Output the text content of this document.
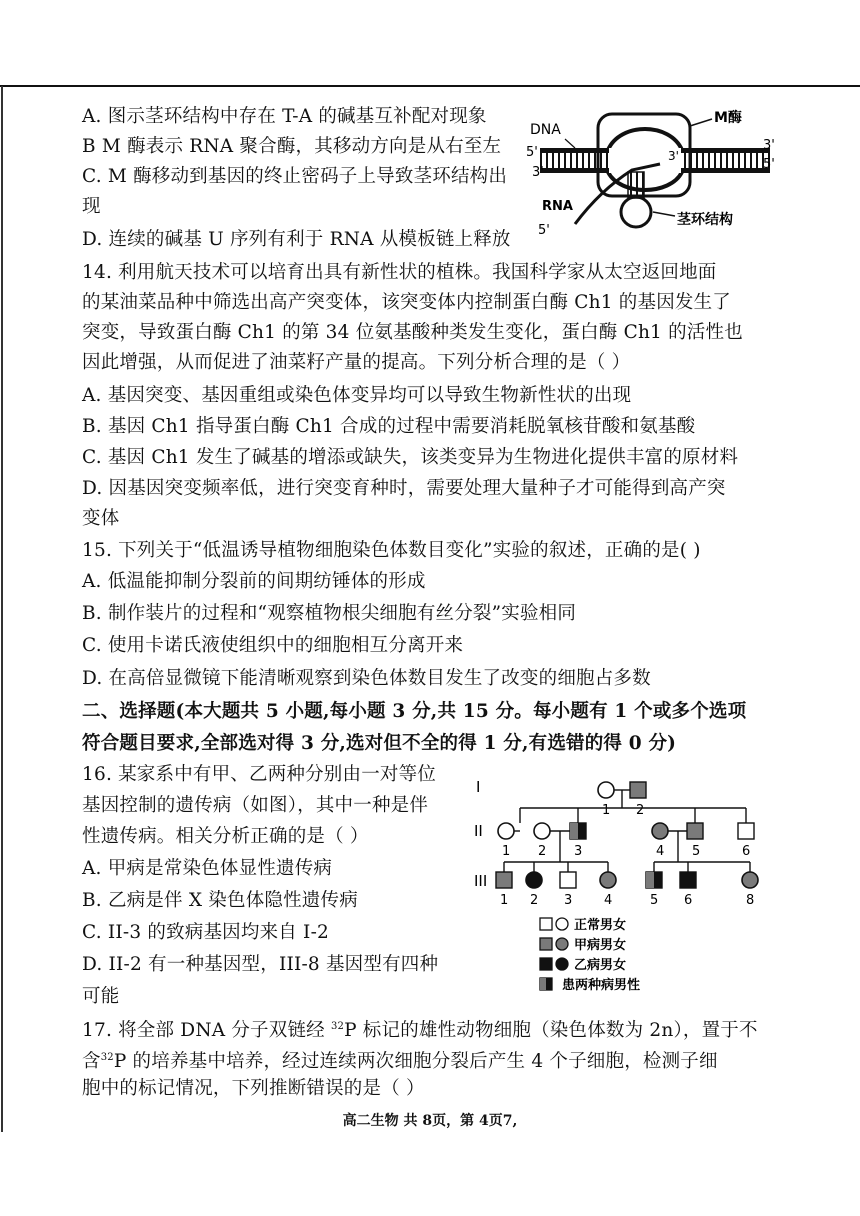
A. 图示茎环结构中存在 T-A 的碱基互补配对现象
B M 酶表示 RNA 聚合酶，其移动方向是从右至左
C. M 酶移动到基因的终止密码子上导致茎环结构出
现
D. 连续的碱基 U 序列有利于 RNA 从模板链上释放
DNA
M酶
5'
3'
3'
5'
3'
RNA
茎环结构
5'
14. 利用航天技术可以培育出具有新性状的植株。我国科学家从太空返回地面
的某油菜品种中筛选出高产突变体，该突变体内控制蛋白酶 Ch1 的基因发生了
突变，导致蛋白酶 Ch1 的第 34 位氨基酸种类发生变化，蛋白酶 Ch1 的活性也
因此增强，从而促进了油菜籽产量的提高。下列分析合理的是（ ）
A. 基因突变、基因重组或染色体变异均可以导致生物新性状的出现
B. 基因 Ch1 指导蛋白酶 Ch1 合成的过程中需要消耗脱氧核苷酸和氨基酸
C. 基因 Ch1 发生了碱基的增添或缺失，该类变异为生物进化提供丰富的原材料
D. 因基因突变频率低，进行突变育种时，需要处理大量种子才可能得到高产突
变体
15. 下列关于“低温诱导植物细胞染色体数目变化”实验的叙述，正确的是( )
A. 低温能抑制分裂前的间期纺锤体的形成
B. 制作装片的过程和“观察植物根尖细胞有丝分裂”实验相同
C. 使用卡诺氏液使组织中的细胞相互分离开来
D. 在高倍显微镜下能清晰观察到染色体数目发生了改变的细胞占多数
二、选择题(本大题共 5 小题,每小题 3 分,共 15 分。每小题有 1 个或多个选项
符合题目要求,全部选对得 3 分,选对但不全的得 1 分,有选错的得 0 分)
16. 某家系中有甲、乙两种分别由一对等位
基因控制的遗传病（如图），其中一种是伴
性遗传病。相关分析正确的是（ ）
A. 甲病是常染色体显性遗传病
B. 乙病是伴 X 染色体隐性遗传病
C. II-3 的致病基因均来自 I-2
D. II-2 有一种基因型，III-8 基因型有四种
可能
I
II
III
1 2
1 2 3	4 5	6
1 2 3 4	5 6	8
正常男女
甲病男女
乙病男女
患两种病男性
17. 将全部 DNA 分子双链经 $^{32}$P 标记的雄性动物细胞（染色体数为 2n），置于不
含$^{32}$P 的培养基中培养，经过连续两次细胞分裂后产生 4 个子细胞，检测子细
胞中的标记情况，下列推断错误的是（ ）
高二生物 共 8页，第 4页7,
